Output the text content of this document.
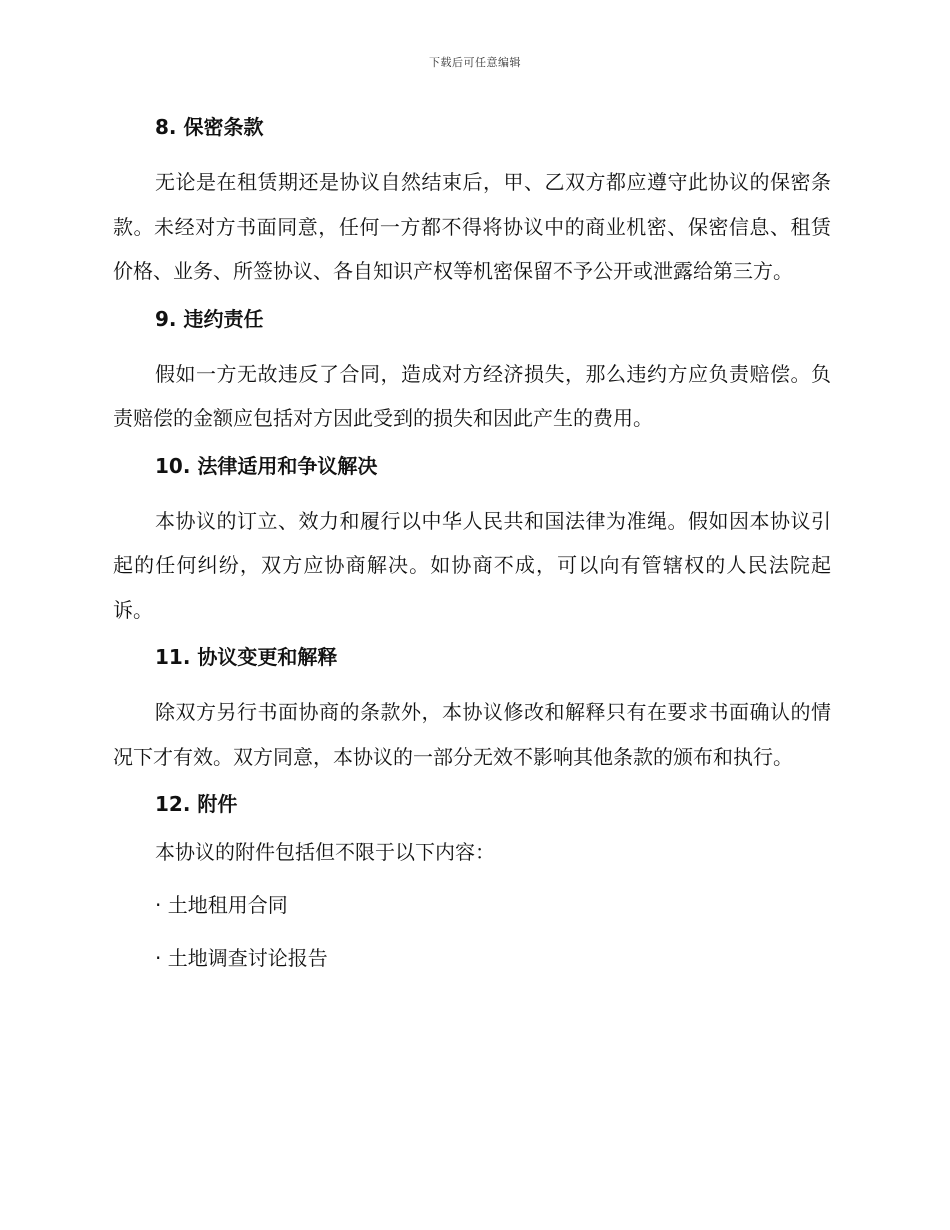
下载后可任意编辑
8. 保密条款

无论是在租赁期还是协议自然结束后，甲、乙双方都应遵守此协议的保密条款。未经对方书面同意，任何一方都不得将协议中的商业机密、保密信息、租赁价格、业务、所签协议、各自知识产权等机密保留不予公开或泄露给第三方。

9. 违约责任

假如一方无故违反了合同，造成对方经济损失，那么违约方应负责赔偿。负责赔偿的金额应包括对方因此受到的损失和因此产生的费用。

10. 法律适用和争议解决

本协议的订立、效力和履行以中华人民共和国法律为准绳。假如因本协议引起的任何纠纷，双方应协商解决。如协商不成，可以向有管辖权的人民法院起诉。

11. 协议变更和解释

除双方另行书面协商的条款外，本协议修改和解释只有在要求书面确认的情况下才有效。双方同意，本协议的一部分无效不影响其他条款的颁布和执行。

12. 附件

本协议的附件包括但不限于以下内容：

· 土地租用合同
· 土地调查讨论报告
